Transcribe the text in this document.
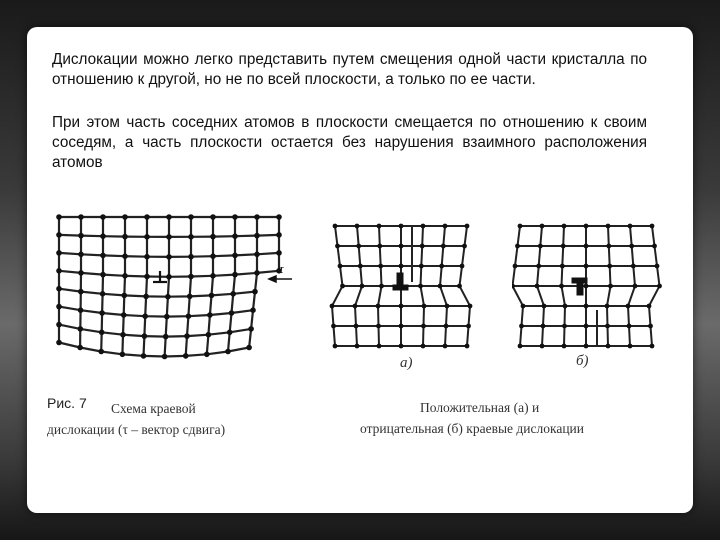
Дислокации можно легко представить путем смещения одной части кристалла по отношению к другой, но не по всей плоскости, а только по ее части.

При этом часть соседних атомов в плоскости смещается по отношению к своим соседям, а часть плоскости остается без нарушения взаимного расположения атомов

τ
а)	б)
Рис. 7 Схема краевой
дислокации (τ – вектор сдвига)
Положительная (а) и
отрицательная (б) краевые дислокации
